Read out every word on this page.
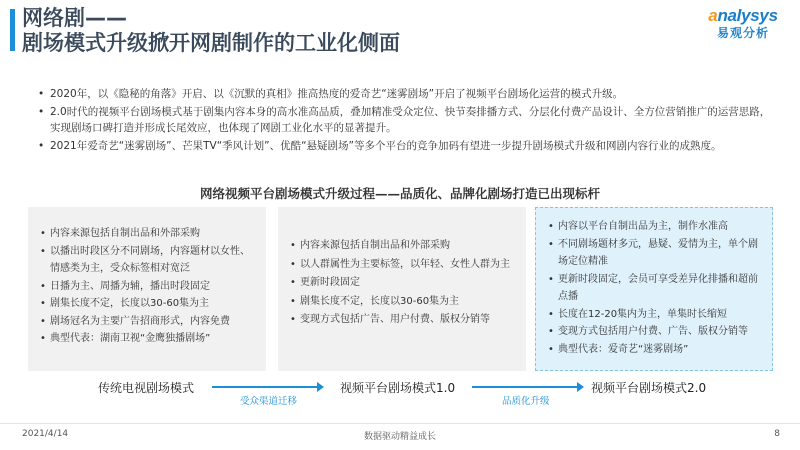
网络剧——
剧场模式升级掀开网剧制作的工业化侧面
analysys
易观分析
• 2020年，以《隐秘的角落》开启、以《沉默的真相》推高热度的爱奇艺“迷雾剧场”开启了视频平台剧场化运营的模式升级。
• 2.0时代的视频平台剧场模式基于剧集内容本身的高水准高品质，叠加精准受众定位、快节奏排播方式、分层化付费产品设计、全方位营销推广的运营思路，实现剧场口碑打造并形成长尾效应，也体现了网剧工业化水平的显著提升。
• 2021年爱奇艺“迷雾剧场”、芒果TV“季风计划”、优酷“悬疑剧场”等多个平台的竞争加码有望进一步提升剧场模式升级和网剧内容行业的成熟度。
网络视频平台剧场模式升级过程——品质化、品牌化剧场打造已出现标杆
• 内容来源包括自制出品和外部采购
• 以播出时段区分不同剧场，内容题材以女性、情感类为主，受众标签相对宽泛
• 日播为主、周播为辅，播出时段固定
• 剧集长度不定，长度以30-60集为主
• 剧场冠名为主要广告招商形式，内容免费
• 典型代表：湖南卫视“金鹰独播剧场”
• 内容来源包括自制出品和外部采购
• 以人群属性为主要标签，以年轻、女性人群为主
• 更新时段固定
• 剧集长度不定，长度以30-60集为主
• 变现方式包括广告、用户付费、版权分销等
• 内容以平台自制出品为主，制作水准高
• 不同剧场题材多元，悬疑、爱情为主，单个剧场定位精准
• 更新时段固定，会员可享受差异化排播和超前点播
• 长度在12-20集内为主，单集时长缩短
• 变现方式包括用户付费、广告、版权分销等
• 典型代表：爱奇艺“迷雾剧场”
传统电视剧场模式
受众渠道迁移
视频平台剧场模式1.0
品质化升级
视频平台剧场模式2.0
2021/4/14	数据驱动精益成长	8
